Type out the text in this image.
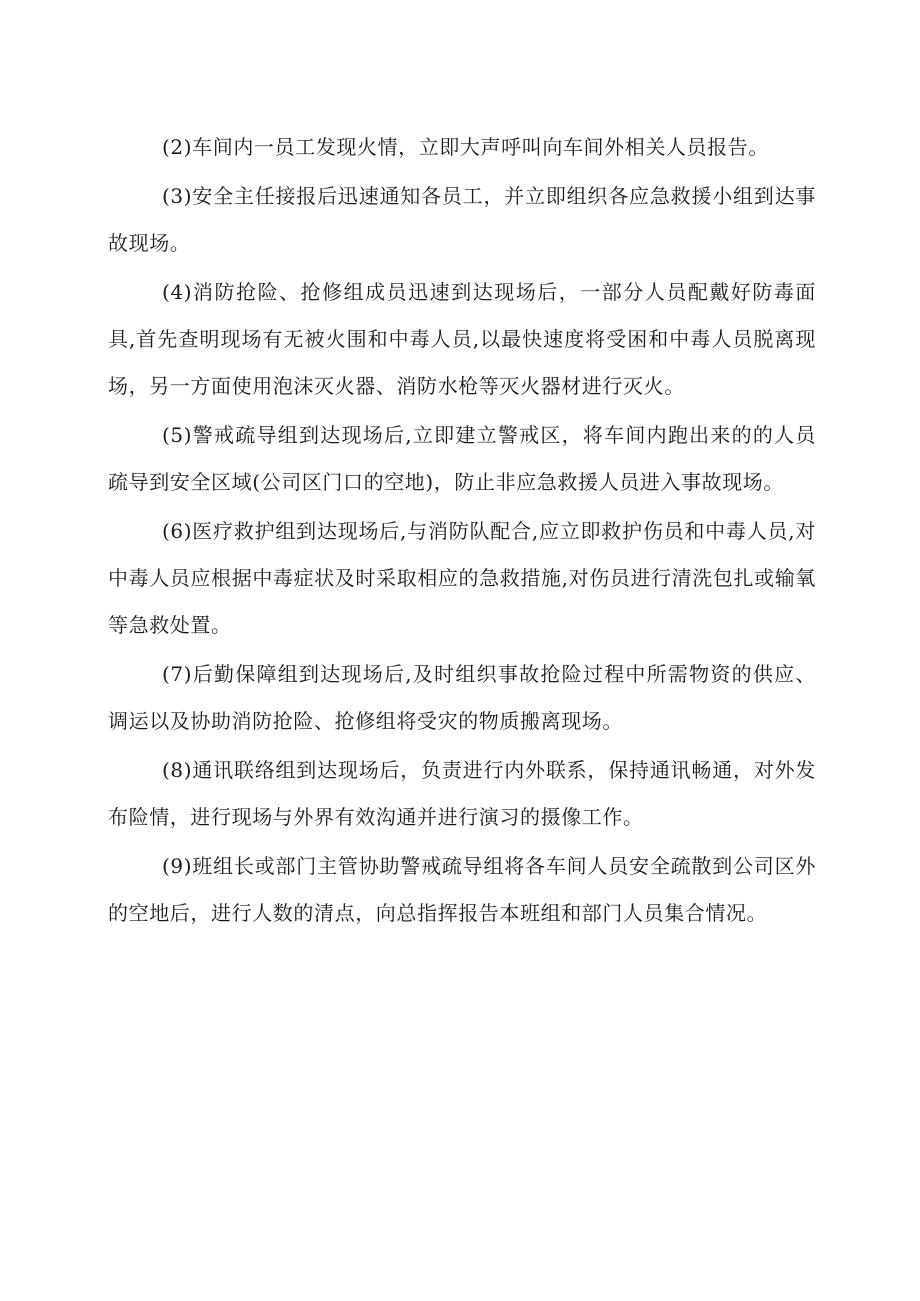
(2)车间内一员工发现火情，立即大声呼叫向车间外相关人员报告。

(3)安全主任接报后迅速通知各员工，并立即组织各应急救援小组到达事故现场。

(4)消防抢险、抢修组成员迅速到达现场后，一部分人员配戴好防毒面具,首先查明现场有无被火围和中毒人员,以最快速度将受困和中毒人员脱离现场，另一方面使用泡沫灭火器、消防水枪等灭火器材进行灭火。

(5)警戒疏导组到达现场后,立即建立警戒区，将车间内跑出来的的人员疏导到安全区域(公司区门口的空地)，防止非应急救援人员进入事故现场。

(6)医疗救护组到达现场后,与消防队配合,应立即救护伤员和中毒人员,对中毒人员应根据中毒症状及时采取相应的急救措施,对伤员进行清洗包扎或输氧等急救处置。

(7)后勤保障组到达现场后,及时组织事故抢险过程中所需物资的供应、调运以及协助消防抢险、抢修组将受灾的物质搬离现场。

(8)通讯联络组到达现场后，负责进行内外联系，保持通讯畅通，对外发布险情，进行现场与外界有效沟通并进行演习的摄像工作。

(9)班组长或部门主管协助警戒疏导组将各车间人员安全疏散到公司区外的空地后，进行人数的清点，向总指挥报告本班组和部门人员集合情况。
